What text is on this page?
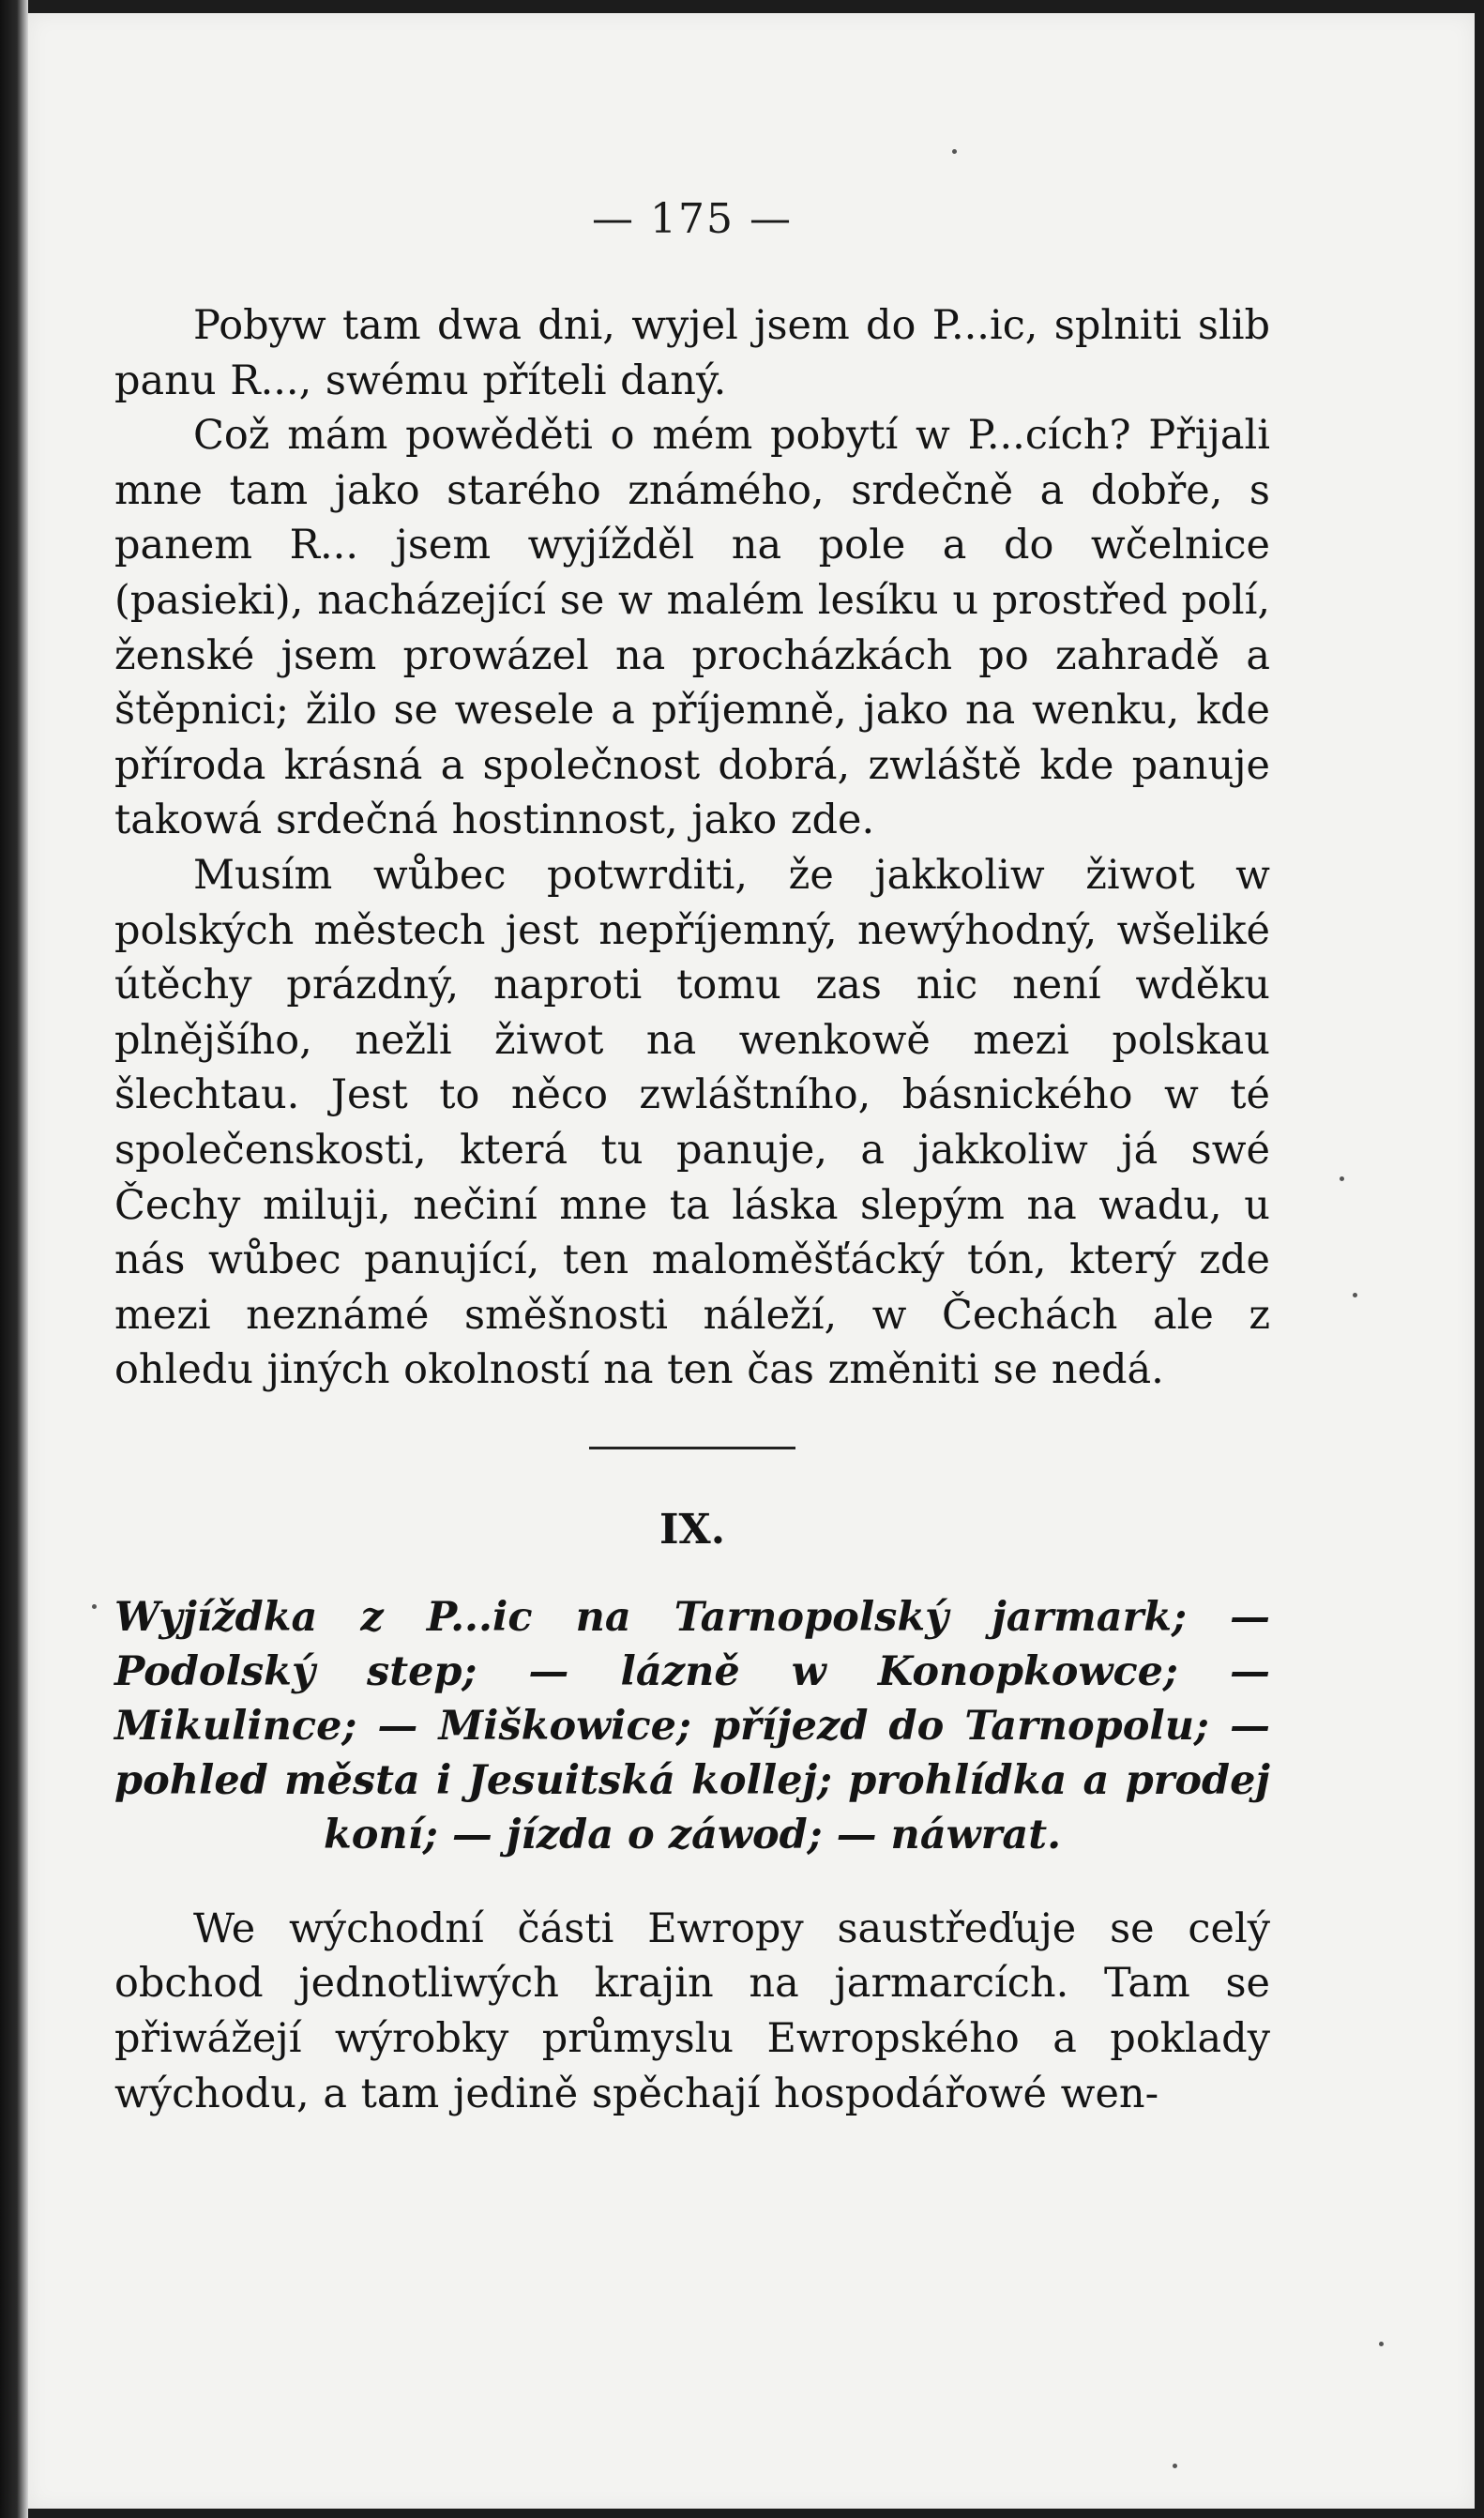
— 175 —

Pobyw tam dwa dni, wyjel jsem do P...ic, splniti slib panu R..., swému příteli daný.

Což mám powěděti o mém pobytí w P...cích? Přijali mne tam jako starého známého, srdečně a dobře, s panem R... jsem wyjížděl na pole a do wčelnice (pasieki), nacházející se w malém lesíku u prostřed polí, ženské jsem prowázel na procházkách po zahradě a štěpnici; žilo se wesele a příjemně, jako na wenku, kde příroda krásná a společnost dobrá, zwláště kde panuje takowá srdečná hostinnost, jako zde.

Musím wůbec potwrditi, že jakkoliw žiwot w polských městech jest nepříjemný, newýhodný, wšeliké útěchy prázdný, naproti tomu zas nic není wděku plnějšího, nežli žiwot na wenkowě mezi polskau šlechtau. Jest to něco zwláštního, básnického w té společenskosti, která tu panuje, a jakkoliw já swé Čechy miluji, nečiní mne ta láska slepým na wadu, u nás wůbec panující, ten maloměšťácký tón, který zde mezi neznámé směšnosti náleží, w Čechách ale z ohledu jiných okolností na ten čas změniti se nedá.

IX.

Wyjíždka z P...ic na Tarnopolský jarmark; — Podolský step; — lázně w Konopkowce; — Mikulince; — Miškowice; příjezd do Tarnopolu; — pohled města i Jesuitská kollej; prohlídka a prodej koní; — jízda o záwod; — náwrat.

We wýchodní části Ewropy saustřeďuje se celý obchod jednotliwých krajin na jarmarcích. Tam se přiwážejí wýrobky průmyslu Ewropského a poklady wýchodu, a tam jedině spěchají hospodářowé wen-
